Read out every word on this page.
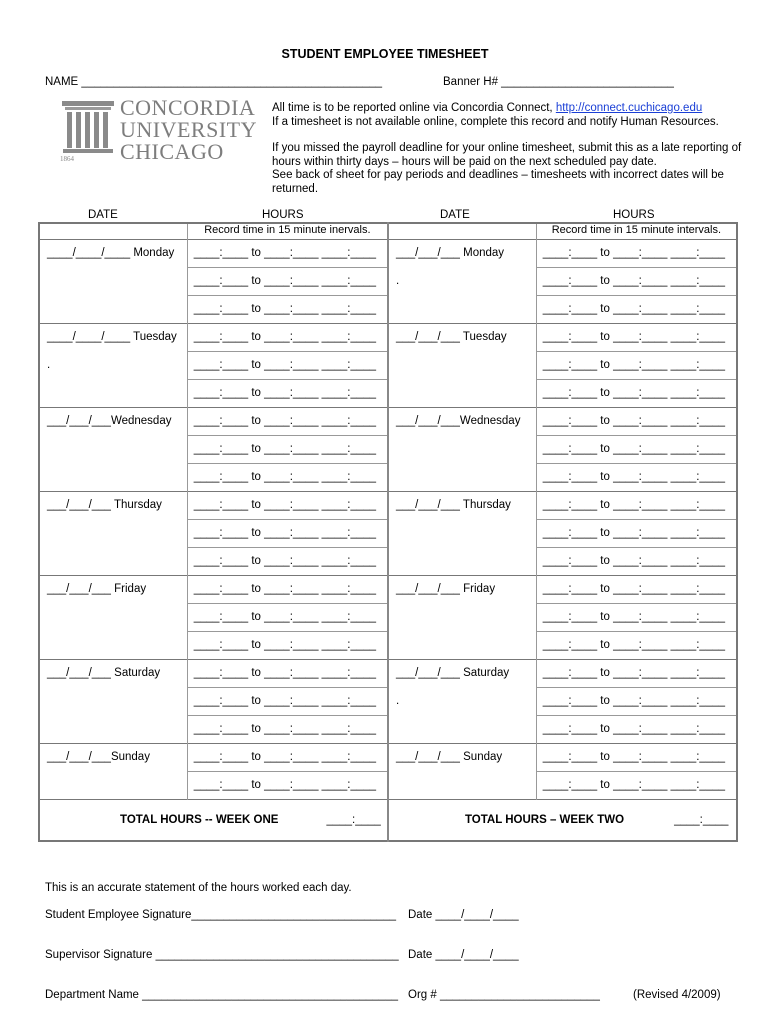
STUDENT EMPLOYEE TIMESHEET
NAME _______________________________________________	Banner H# ___________________________
1864
CONCORDIA
UNIVERSITY
CHICAGO
All time is to be reported online via Concordia Connect, http://connect.cuchicago.edu
If a timesheet is not available online, complete this record and notify Human Resources.
If you missed the payroll deadline for your online timesheet, submit this as a late reporting of
hours within thirty days – hours will be paid on the next scheduled pay date.
See back of sheet for pay periods and deadlines – timesheets with incorrect dates will be
returned.
DATE	HOURS	DATE	HOURS
	Record time in 15 minute inervals.		Record time in 15 minute intervals.
____/____/____ Monday	____:____ to ____:____ ____:____	___/___/___ Monday	____:____ to ____:____ ____:____
	____:____ to ____:____ ____:____	.	____:____ to ____:____ ____:____
	____:____ to ____:____ ____:____		____:____ to ____:____ ____:____
____/____/____ Tuesday	____:____ to ____:____ ____:____	___/___/___ Tuesday	____:____ to ____:____ ____:____
.	____:____ to ____:____ ____:____		____:____ to ____:____ ____:____
	____:____ to ____:____ ____:____		____:____ to ____:____ ____:____
___/___/___Wednesday	____:____ to ____:____ ____:____	___/___/___Wednesday	____:____ to ____:____ ____:____
	____:____ to ____:____ ____:____		____:____ to ____:____ ____:____
	____:____ to ____:____ ____:____		____:____ to ____:____ ____:____
___/___/___ Thursday	____:____ to ____:____ ____:____	___/___/___ Thursday	____:____ to ____:____ ____:____
	____:____ to ____:____ ____:____		____:____ to ____:____ ____:____
	____:____ to ____:____ ____:____		____:____ to ____:____ ____:____
___/___/___ Friday	____:____ to ____:____ ____:____	___/___/___ Friday	____:____ to ____:____ ____:____
	____:____ to ____:____ ____:____		____:____ to ____:____ ____:____
	____:____ to ____:____ ____:____		____:____ to ____:____ ____:____
___/___/___ Saturday	____:____ to ____:____ ____:____	___/___/___ Saturday	____:____ to ____:____ ____:____
	____:____ to ____:____ ____:____	.	____:____ to ____:____ ____:____
	____:____ to ____:____ ____:____		____:____ to ____:____ ____:____
___/___/___Sunday	____:____ to ____:____ ____:____	___/___/___ Sunday	____:____ to ____:____ ____:____
	____:____ to ____:____ ____:____		____:____ to ____:____ ____:____
TOTAL HOURS -- WEEK ONE ____:____		TOTAL HOURS – WEEK TWO ____:____	
This is an accurate statement of the hours worked each day.
Student Employee Signature________________________________ Date ____/____/____
Supervisor Signature ______________________________________ Date ____/____/____
Department Name ________________________________________ Org # _________________________	(Revised 4/2009)
